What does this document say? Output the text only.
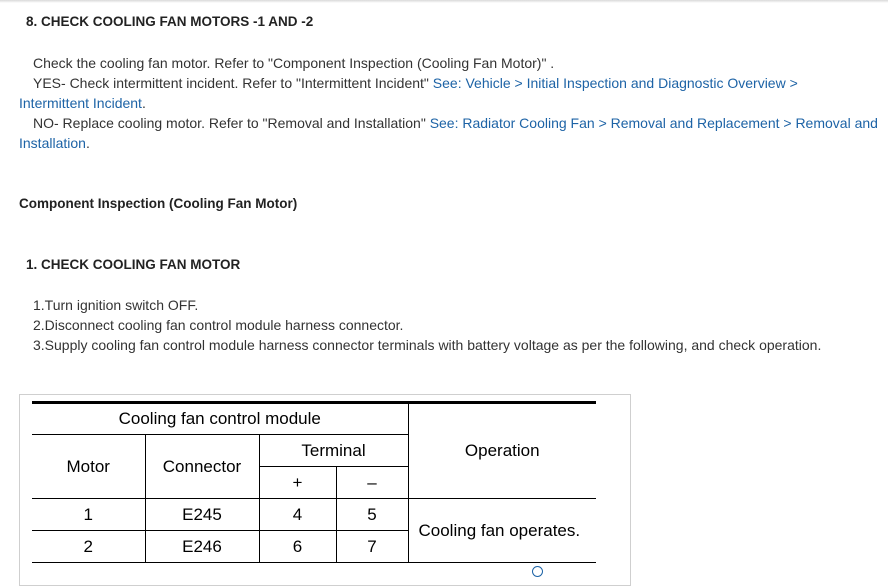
8. CHECK COOLING FAN MOTORS -1 AND -2
Check the cooling fan motor. Refer to "Component Inspection (Cooling Fan Motor)" .
YES- Check intermittent incident. Refer to "Intermittent Incident" See: Vehicle > Initial Inspection and Diagnostic Overview >
Intermittent Incident.
NO- Replace cooling motor. Refer to "Removal and Installation" See: Radiator Cooling Fan > Removal and Replacement > Removal and
Installation.
Component Inspection (Cooling Fan Motor)
1. CHECK COOLING FAN MOTOR
1.Turn ignition switch OFF.
2.Disconnect cooling fan control module harness connector.
3.Supply cooling fan control module harness connector terminals with battery voltage as per the following, and check operation.
Cooling fan control module				Operation
Motor	Connector	Terminal		
		+	–	
1	E245	4	5	Cooling fan operates.
2	E246	6	7	
